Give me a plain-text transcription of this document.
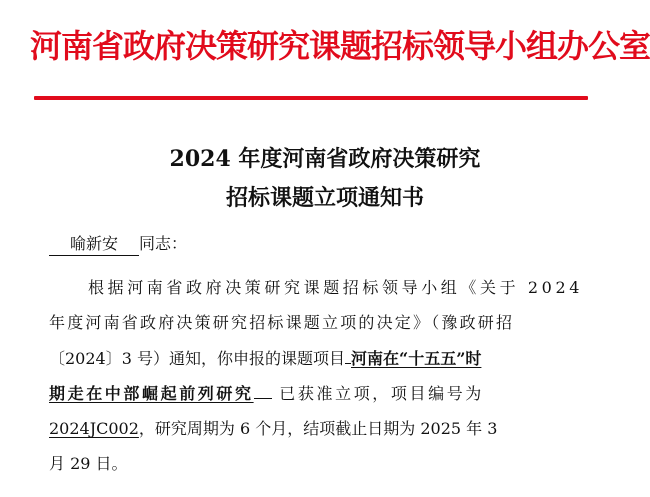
河南省政府决策研究课题招标领导小组办公室
2024 年度河南省政府决策研究
招标课题立项通知书
喻新安 同志：
根据河南省政府决策研究课题招标领导小组《关于 2024
年度河南省政府决策研究招标课题立项的决定》（豫政研招
〔2024〕3 号）通知，你申报的课题项目 河南在“十五五”时
期走在中部崛起前列研究 已获准立项，项目编号为
2024JC002，研究周期为 6 个月，结项截止日期为 2025 年 3
月 29 日。
